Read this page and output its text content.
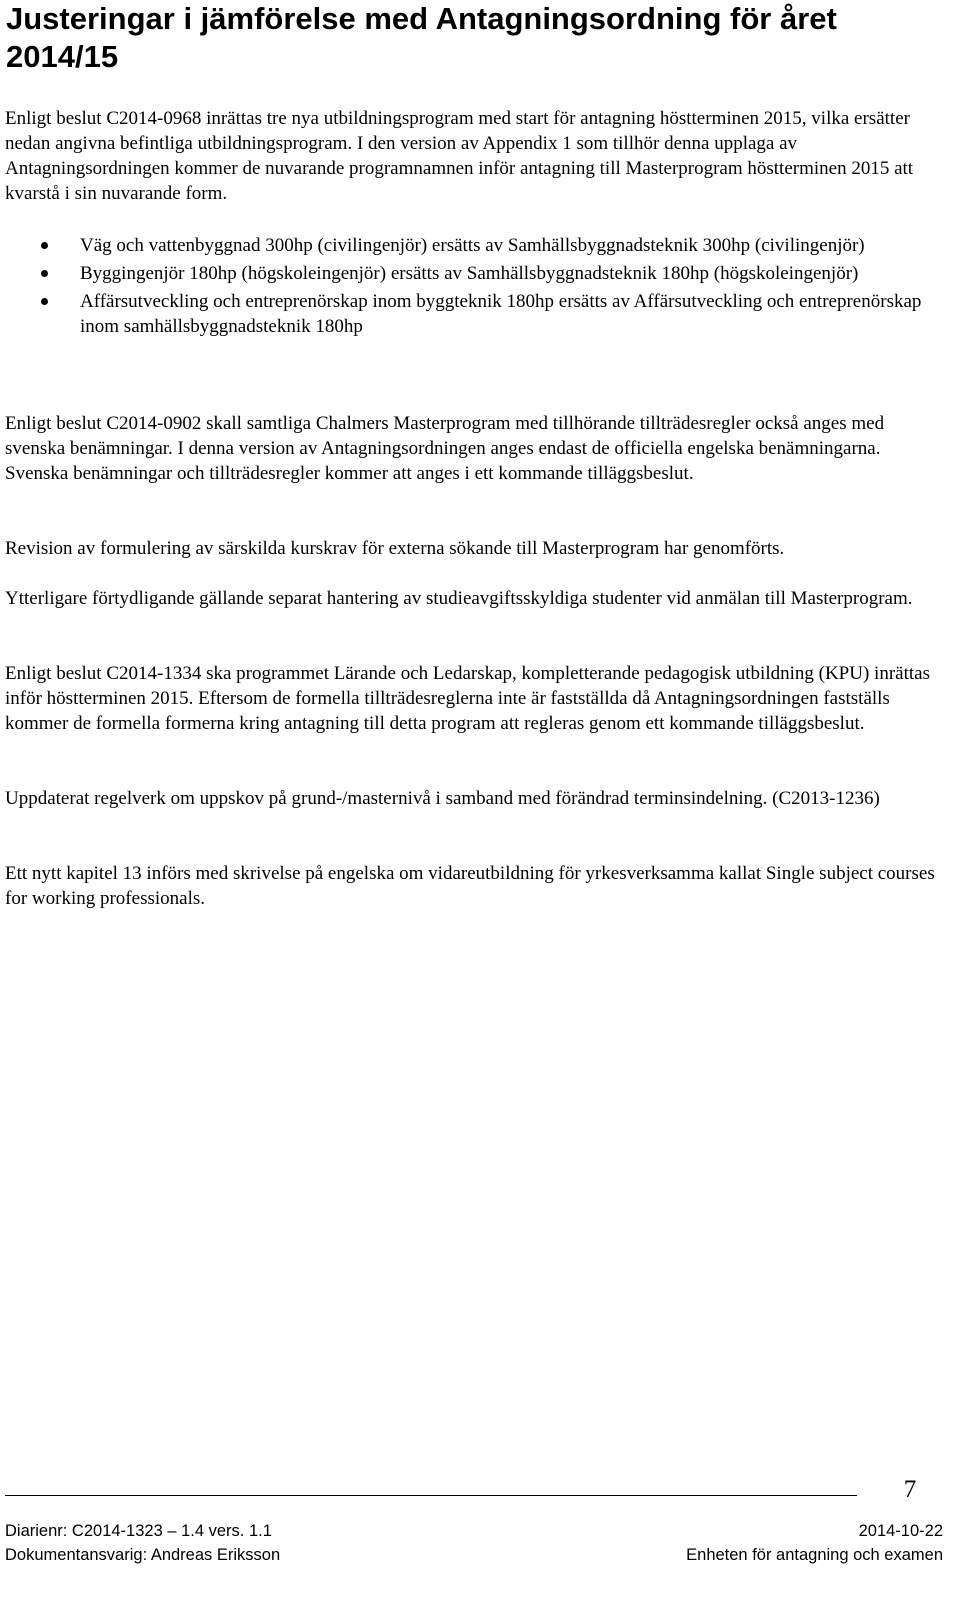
Justeringar i jämförelse med Antagningsordning för året 2014/15

Enligt beslut C2014-0968 inrättas tre nya utbildningsprogram med start för antagning höstterminen 2015, vilka ersätter nedan angivna befintliga utbildningsprogram. I den version av Appendix 1 som tillhör denna upplaga av Antagningsordningen kommer de nuvarande programnamnen inför antagning till Masterprogram höstterminen 2015 att kvarstå i sin nuvarande form.

Väg och vattenbyggnad 300hp (civilingenjör) ersätts av Samhällsbyggnadsteknik 300hp (civilingenjör)
Byggingenjör 180hp (högskoleingenjör) ersätts av Samhällsbyggnadsteknik 180hp (högskoleingenjör)
Affärsutveckling och entreprenörskap inom byggteknik 180hp ersätts av Affärsutveckling och entreprenörskap inom samhällsbyggnadsteknik 180hp

Enligt beslut C2014-0902 skall samtliga Chalmers Masterprogram med tillhörande tillträdesregler också anges med svenska benämningar. I denna version av Antagningsordningen anges endast de officiella engelska benämningarna. Svenska benämningar och tillträdesregler kommer att anges i ett kommande tilläggsbeslut.

Revision av formulering av särskilda kurskrav för externa sökande till Masterprogram har genomförts.

Ytterligare förtydligande gällande separat hantering av studieavgiftsskyldiga studenter vid anmälan till Masterprogram.

Enligt beslut C2014-1334 ska programmet Lärande och Ledarskap, kompletterande pedagogisk utbildning (KPU) inrättas inför höstterminen 2015. Eftersom de formella tillträdesreglerna inte är fastställda då Antagningsordningen fastställs kommer de formella formerna kring antagning till detta program att regleras genom ett kommande tilläggsbeslut.

Uppdaterat regelverk om uppskov på grund-/masternivå i samband med förändrad terminsindelning. (C2013-1236)

Ett nytt kapitel 13 införs med skrivelse på engelska om vidareutbildning för yrkesverksamma kallat Single subject courses for working professionals.

7
Diarienr: C2014-1323 – 1.4 vers. 1.1	2014-10-22
Dokumentansvarig: Andreas Eriksson	Enheten för antagning och examen
